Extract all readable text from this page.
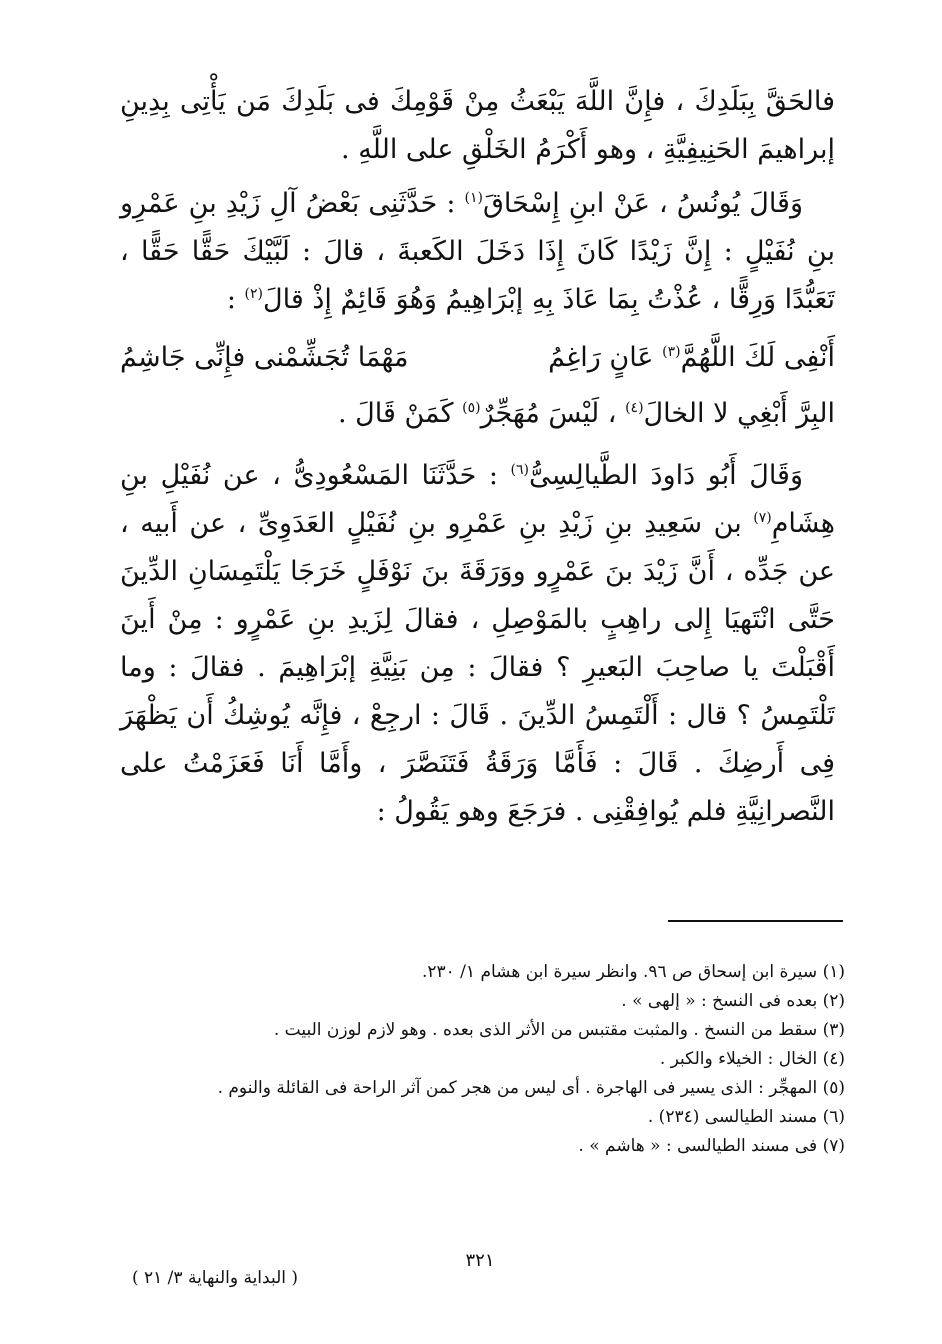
فالحَقَّ بِبَلَدِكَ ، فإِنَّ اللَّهَ يَبْعَثُ مِنْ قَوْمِكَ فى بَلَدِكَ مَن يَأْتِى بِدِينِ إبراهيمَ الحَنِيفِيَّةِ ، وهو أَكْرَمُ الخَلْقِ على اللَّهِ .

وَقَالَ يُونُسُ ، عَنْ ابنِ إِسْحَاقَ$^{(١)}$ : حَدَّثَنِى بَعْضُ آلِ زَيْدِ بنِ عَمْرِو بنِ نُفَيْلٍ : إِنَّ زَيْدًا كَانَ إِذَا دَخَلَ الكَعبةَ ، قالَ : لَبَّيْكَ حَقًّا حَقًّا ، تَعَبُّدًا وَرِقًّا ، عُذْتُ بِمَا عَاذَ بِهِ إبْرَاهِيمُ وَهُوَ قَائِمٌ إِذْ قالَ$^{(٢)}$ :

أَنْفِى لَكَ اللَّهُمَّ$^{(٣)}$ عَانٍ رَاغِمُ
مَهْمَا تُجَشِّمْنى فإِنِّى جَاشِمُ
البِرَّ أَبْغِي لا الخالَ$^{(٤)}$ ، لَيْسَ مُهَجِّرٌ$^{(٥)}$ كَمَنْ قَالَ .

وَقَالَ أَبُو دَاودَ الطَّيالِسِىُّ$^{(٦)}$ : حَدَّثَنَا المَسْعُودِىُّ ، عن نُفَيْلِ بنِ هِشَامِ$^{(٧)}$ بن سَعِيدِ بنِ زَيْدِ بنِ عَمْرِو بنِ نُفَيْلٍ العَدَوِىِّ ، عن أَبيه ، عن جَدِّه ، أَنَّ زَيْدَ بنَ عَمْرٍو ووَرَقَةَ بنَ نَوْفَلٍ خَرَجَا يَلْتَمِسَانِ الدِّينَ حَتَّى انْتَهيَا إِلى راهِبٍ بالمَوْصِلِ ، فقالَ لِزَيدِ بنِ عَمْرٍو : مِنْ أَينَ أَقْبَلْتَ يا صاحِبَ البَعيرِ ؟ فقالَ : مِن بَنِيَّةِ إبْرَاهِيمَ . فقالَ : وما تَلْتَمِسُ ؟ قال : أَلْتَمِسُ الدِّينَ . قَالَ : ارجِعْ ، فإِنَّه يُوشِكُ أَن يَظْهَرَ فِى أَرضِكَ . قَالَ : فَأَمَّا وَرَقَةُ فَتَنَصَّرَ ، وأَمَّا أَنَا فَعَزَمْتُ على النَّصرانِيَّةِ فلم يُوافِقْنِى . فرَجَعَ وهو يَقُولُ :

(١) سيرة ابن إسحاق ص ٩٦. وانظر سيرة ابن هشام ١/ ٢٣٠.
(٢) بعده فى النسخ : « إلهى » .
(٣) سقط من النسخ . والمثبت مقتبس من الأثر الذى بعده . وهو لازم لوزن البيت .
(٤) الخال : الخيلاء والكبر .
(٥) المهجِّر : الذى يسير فى الهاجرة . أى ليس من هجر كمن آثر الراحة فى القائلة والنوم .
(٦) مسند الطيالسى (٢٣٤) .
(٧) فى مسند الطيالسى : « هاشم » .
٣٢١
( البداية والنهاية ٣/ ٢١ )
